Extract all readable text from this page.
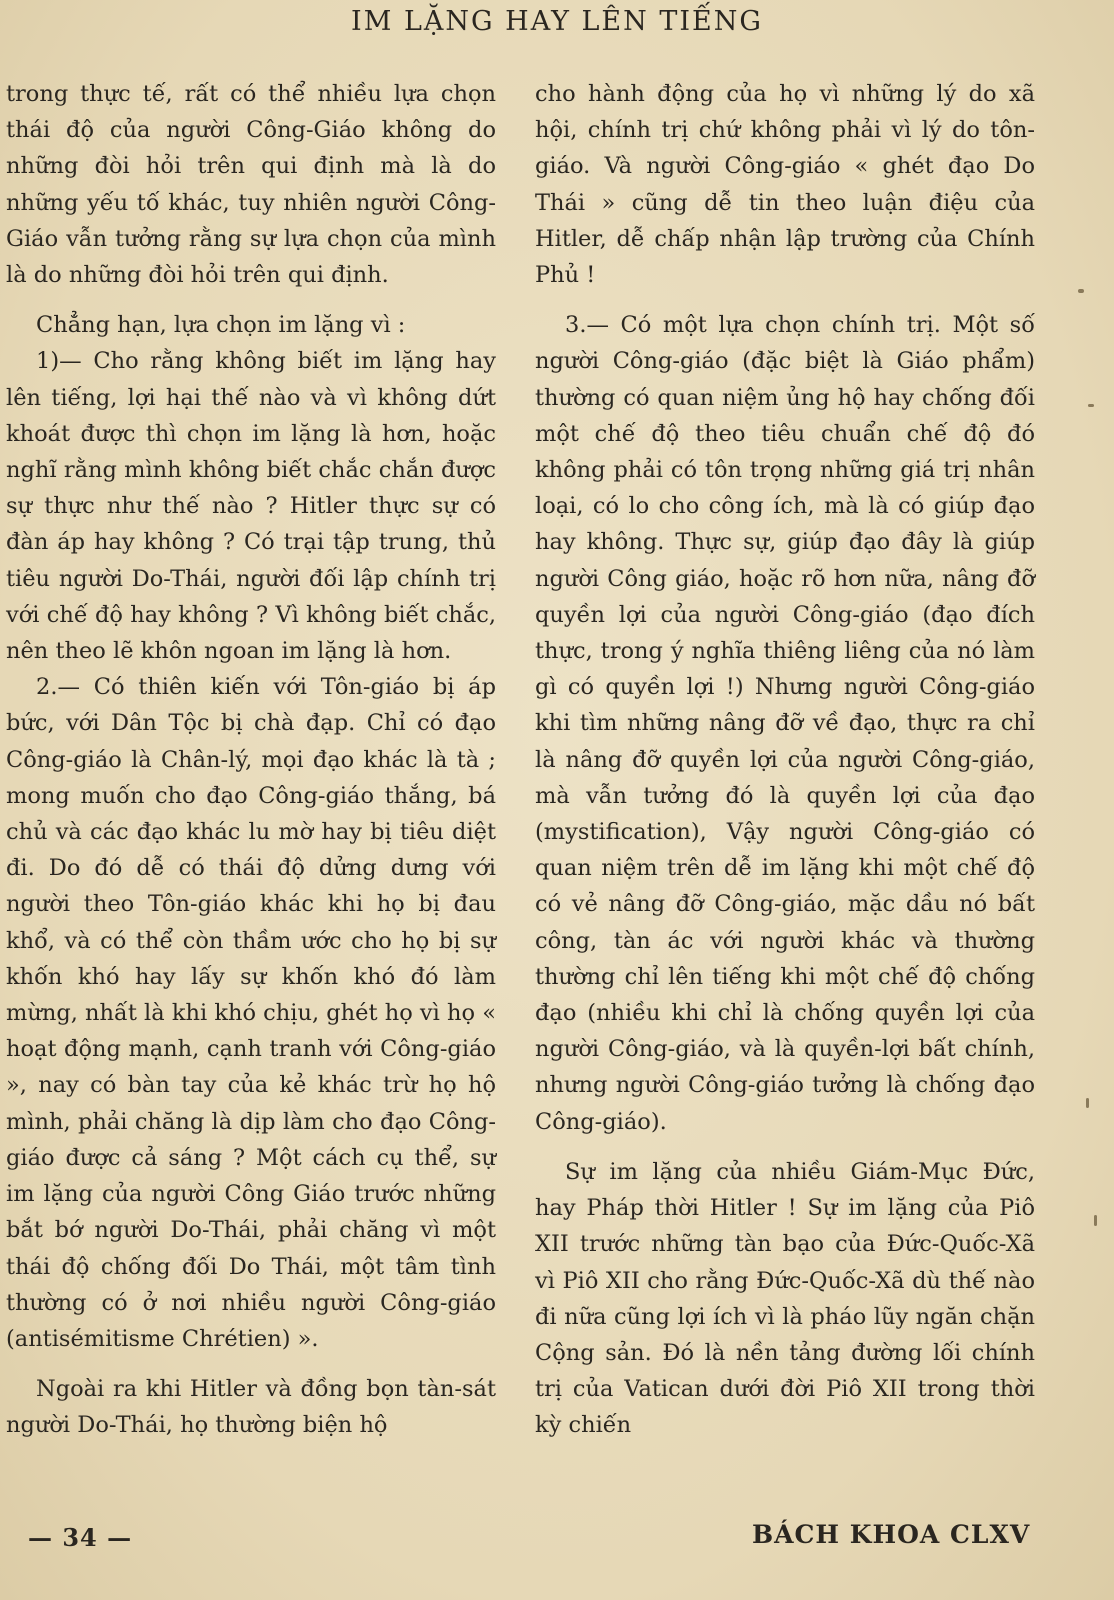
IM LẶNG HAY LÊN TIẾNG

trong thực tế, rất có thể nhiều lựa chọn thái độ của người Công-Giáo không do những đòi hỏi trên qui định mà là do những yếu tố khác, tuy nhiên người Công-Giáo vẫn tưởng rằng sự lựa chọn của mình là do những đòi hỏi trên qui định.

Chẳng hạn, lựa chọn im lặng vì :

1)— Cho rằng không biết im lặng hay lên tiếng, lợi hại thế nào và vì không dứt khoát được thì chọn im lặng là hơn, hoặc nghĩ rằng mình không biết chắc chắn được sự thực như thế nào ? Hitler thực sự có đàn áp hay không ? Có trại tập trung, thủ tiêu người Do-Thái, người đối lập chính trị với chế độ hay không ? Vì không biết chắc, nên theo lẽ khôn ngoan im lặng là hơn.

2.— Có thiên kiến với Tôn-giáo bị áp bức, với Dân Tộc bị chà đạp. Chỉ có đạo Công-giáo là Chân-lý, mọi đạo khác là tà ; mong muốn cho đạo Công-giáo thắng, bá chủ và các đạo khác lu mờ hay bị tiêu diệt đi. Do đó dễ có thái độ dửng dưng với người theo Tôn-giáo khác khi họ bị đau khổ, và có thể còn thầm ước cho họ bị sự khốn khó hay lấy sự khốn khó đó làm mừng, nhất là khi khó chịu, ghét họ vì họ « hoạt động mạnh, cạnh tranh với Công-giáo », nay có bàn tay của kẻ khác trừ họ hộ mình, phải chăng là dịp làm cho đạo Công-giáo được cả sáng ? Một cách cụ thể, sự im lặng của người Công Giáo trước những bắt bớ người Do-Thái, phải chăng vì một thái độ chống đối Do Thái, một tâm tình thường có ở nơi nhiều người Công-giáo (antisémitisme Chrétien) ».

Ngoài ra khi Hitler và đồng bọn tàn-sát người Do-Thái, họ thường biện hộ

cho hành động của họ vì những lý do xã hội, chính trị chứ không phải vì lý do tôn-giáo. Và người Công-giáo « ghét đạo Do Thái » cũng dễ tin theo luận điệu của Hitler, dễ chấp nhận lập trường của Chính Phủ !

3.— Có một lựa chọn chính trị. Một số người Công-giáo (đặc biệt là Giáo phẩm) thường có quan niệm ủng hộ hay chống đối một chế độ theo tiêu chuẩn chế độ đó không phải có tôn trọng những giá trị nhân loại, có lo cho công ích, mà là có giúp đạo hay không. Thực sự, giúp đạo đây là giúp người Công giáo, hoặc rõ hơn nữa, nâng đỡ quyền lợi của người Công-giáo (đạo đích thực, trong ý nghĩa thiêng liêng của nó làm gì có quyền lợi !) Nhưng người Công-giáo khi tìm những nâng đỡ về đạo, thực ra chỉ là nâng đỡ quyền lợi của người Công-giáo, mà vẫn tưởng đó là quyền lợi của đạo (mystification), Vậy người Công-giáo có quan niệm trên dễ im lặng khi một chế độ có vẻ nâng đỡ Công-giáo, mặc dầu nó bất công, tàn ác với người khác và thường thường chỉ lên tiếng khi một chế độ chống đạo (nhiều khi chỉ là chống quyền lợi của người Công-giáo, và là quyền-lợi bất chính, nhưng người Công-giáo tưởng là chống đạo Công-giáo).

Sự im lặng của nhiều Giám-Mục Đức, hay Pháp thời Hitler ! Sự im lặng của Piô XII trước những tàn bạo của Đức-Quốc-Xã vì Piô XII cho rằng Đức-Quốc-Xã dù thế nào đi nữa cũng lợi ích vì là pháo lũy ngăn chặn Cộng sản. Đó là nền tảng đường lối chính trị của Vatican dưới đời Piô XII trong thời kỳ chiến

— 34 —	BÁCH KHOA CLXV
